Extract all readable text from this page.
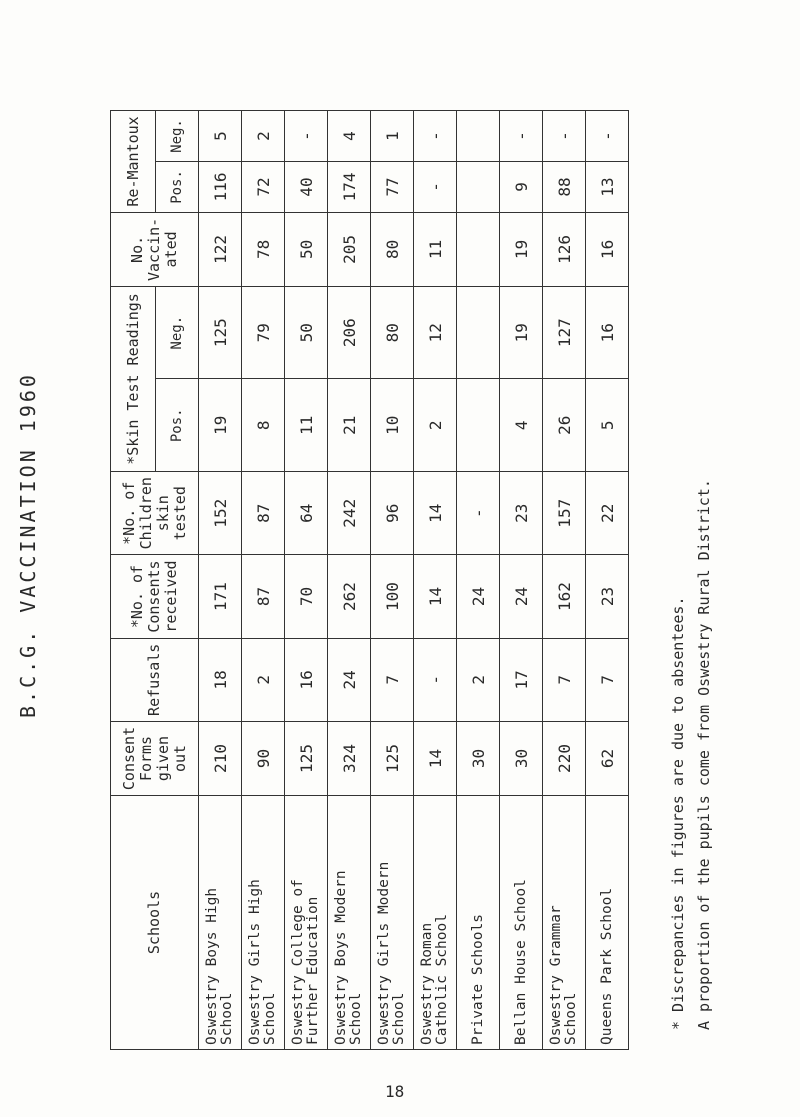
B.C.G. VACCINATION 1960
Schools	Consent
Forms
given
out	Refusals	*No. of
Consents
received	*No. of
Children
skin
tested	*Skin Test Readings		No.
Vaccin-
ated	Re-Mantoux	
					Pos.	Neg.		Pos.	Neg.
Oswestry Boys High
School	210	18	171	152	19	125	122	116	5
Oswestry Girls High
School	90	2	87	87	8	79	78	72	2
Oswestry College of
Further Education	125	16	70	64	11	50	50	40	-
Oswestry Boys Modern
School	324	24	262	242	21	206	205	174	4
Oswestry Girls Modern
School	125	7	100	96	10	80	80	77	1
Oswestry Roman
Catholic School	14	-	14	14	2	12	11	-	-
Private Schools	30	2	24	-					
Bellan House School	30	17	24	23	4	19	19	9	-
Oswestry Grammar
School	220	7	162	157	26	127	126	88	-
Queens Park School	62	7	23	22	5	16	16	13	-
* Discrepancies in figures are due to absentees. A proportion of the pupils come from Oswestry Rural District.
18
